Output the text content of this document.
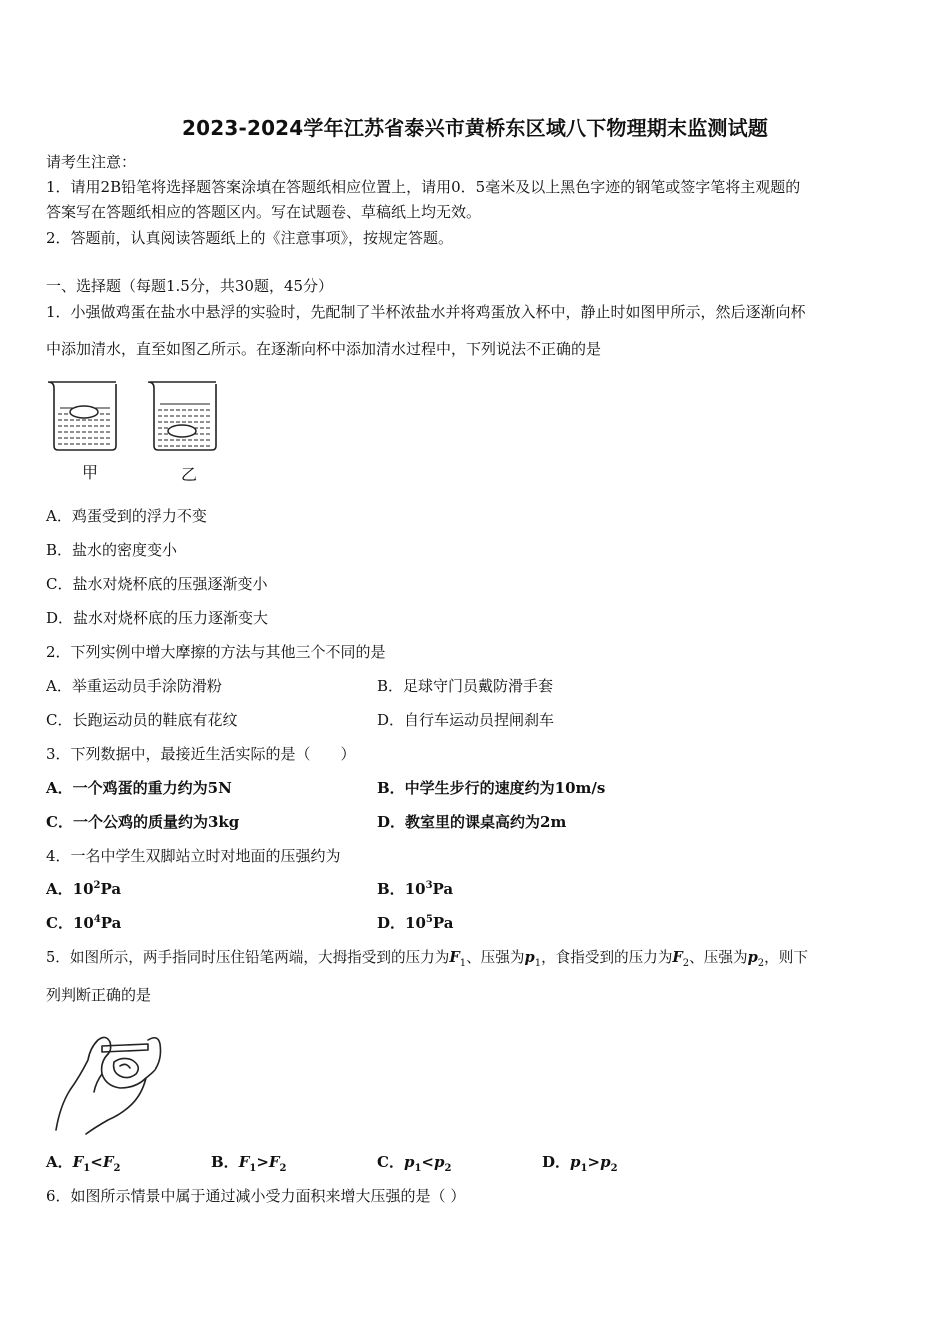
2023-2024学年江苏省泰兴市黄桥东区域八下物理期末监测试题
请考生注意：
1．请用2B铅笔将选择题答案涂填在答题纸相应位置上，请用0．5毫米及以上黑色字迹的钢笔或签字笔将主观题的
答案写在答题纸相应的答题区内。写在试题卷、草稿纸上均无效。
2．答题前，认真阅读答题纸上的《注意事项》，按规定答题。
一、选择题（每题1.5分，共30题，45分）
1．小强做鸡蛋在盐水中悬浮的实验时，先配制了半杯浓盐水并将鸡蛋放入杯中，静止时如图甲所示，然后逐渐向杯
中添加清水，直至如图乙所示。在逐渐向杯中添加清水过程中，下列说法不正确的是
甲	乙
A．鸡蛋受到的浮力不变
B．盐水的密度变小
C．盐水对烧杯底的压强逐渐变小
D．盐水对烧杯底的压力逐渐变大
2．下列实例中增大摩擦的方法与其他三个不同的是
A．举重运动员手涂防滑粉	B．足球守门员戴防滑手套
C．长跑运动员的鞋底有花纹	D．自行车运动员捏闸刹车
3．下列数据中，最接近生活实际的是（　　）
A．一个鸡蛋的重力约为5N	B．中学生步行的速度约为10m/s
C．一个公鸡的质量约为3kg	D．教室里的课桌高约为2m
4．一名中学生双脚站立时对地面的压强约为
A．$10^2Pa$	B．$10^3Pa$
C．$10^4Pa$	D．$10^5Pa$
5．如图所示，两手指同时压住铅笔两端，大拇指受到的压力为$F_1$、压强为$p_1$，食指受到的压力为$F_2$、压强为$p_2$，则下
列判断正确的是
A．$F_1<F_2$	B．$F_1>F_2$	C．$p_1<p_2$	D．$p_1>p_2$
6．如图所示情景中属于通过减小受力面积来增大压强的是（ ）
